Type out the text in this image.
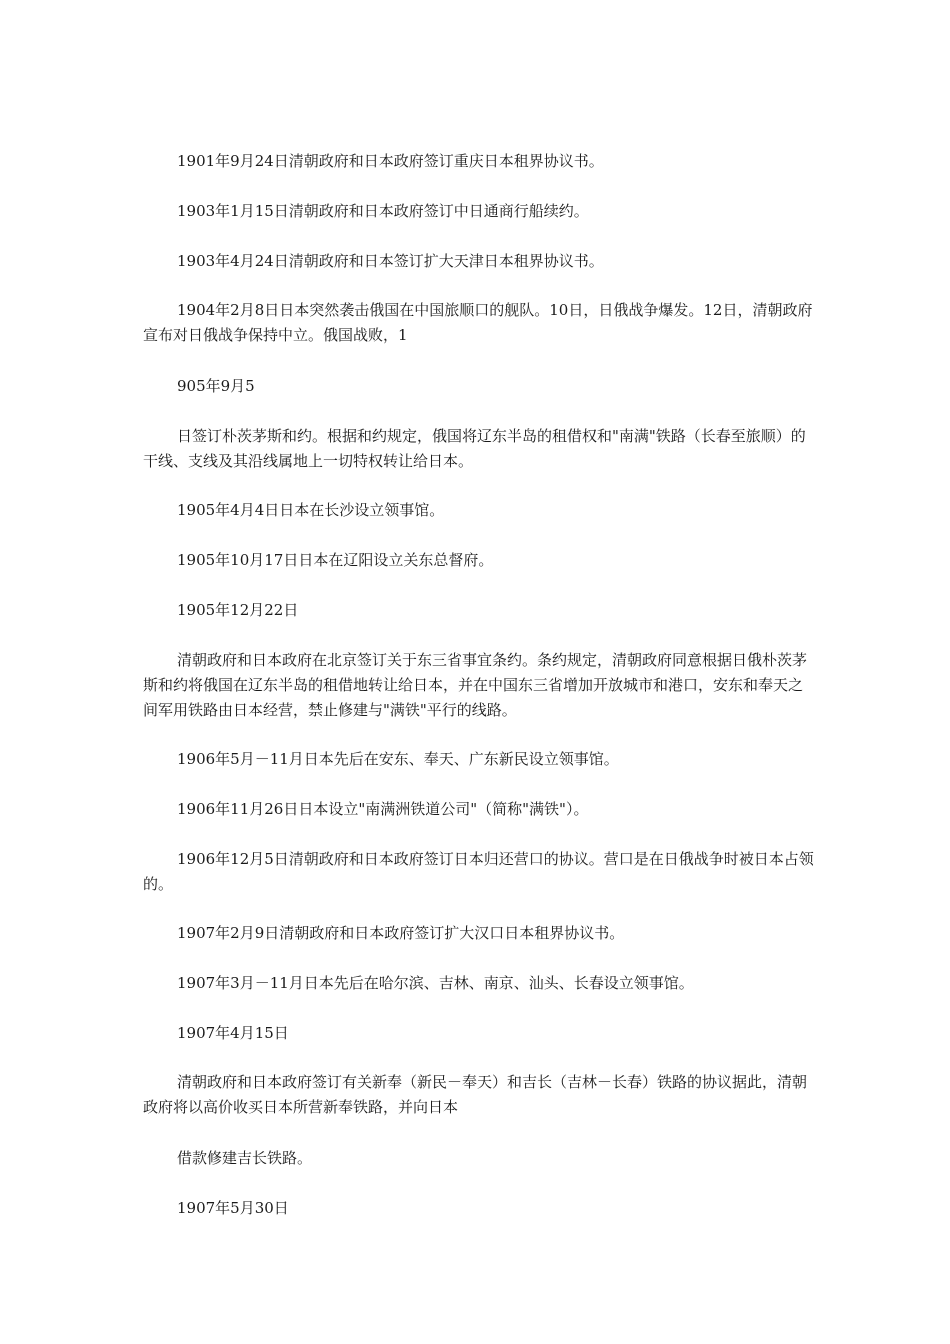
1901年9月24日清朝政府和日本政府签订重庆日本租界协议书。

1903年1月15日清朝政府和日本政府签订中日通商行船续约。

1903年4月24日清朝政府和日本签订扩大天津日本租界协议书。

1904年2月8日日本突然袭击俄国在中国旅顺口的舰队。10日，日俄战争爆发。12日，清朝政府宣布对日俄战争保持中立。俄国战败，1

905年9月5

日签订朴茨茅斯和约。根据和约规定，俄国将辽东半岛的租借权和"南满"铁路（长春至旅顺）的干线、支线及其沿线属地上一切特权转让给日本。

1905年4月4日日本在长沙设立领事馆。

1905年10月17日日本在辽阳设立关东总督府。

1905年12月22日

清朝政府和日本政府在北京签订关于东三省事宜条约。条约规定，清朝政府同意根据日俄朴茨茅斯和约将俄国在辽东半岛的租借地转让给日本，并在中国东三省增加开放城市和港口，安东和奉天之间军用铁路由日本经营，禁止修建与"满铁"平行的线路。

1906年5月－11月日本先后在安东、奉天、广东新民设立领事馆。

1906年11月26日日本设立"南满洲铁道公司"（简称"满铁"）。

1906年12月5日清朝政府和日本政府签订日本归还营口的协议。营口是在日俄战争时被日本占领的。

1907年2月9日清朝政府和日本政府签订扩大汉口日本租界协议书。

1907年3月－11月日本先后在哈尔滨、吉林、南京、汕头、长春设立领事馆。

1907年4月15日

清朝政府和日本政府签订有关新奉（新民－奉天）和吉长（吉林－长春）铁路的协议据此，清朝政府将以高价收买日本所营新奉铁路，并向日本

借款修建吉长铁路。

1907年5月30日
